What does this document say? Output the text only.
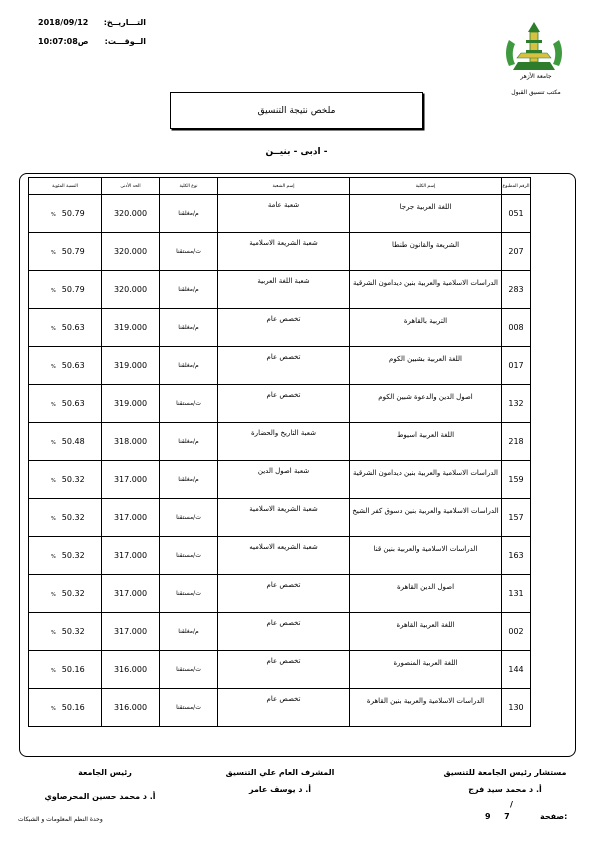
التـــاريــخ:
2018/09/12
الــوقـــت:
ص10:07:08
جامعة الأزهر
مكتب تنسيق القبول
ملخص نتيجة التنسيق
- ادبى - بنيــن
الرقم المطبوع	إسم الكلية	إسم الشعبة	نوع الكلية	الحد الأدنى	النسبة المئوية
051	اللغة العربية جرجا	شعبة عامة	م/مغلقنا	320.000	% 50.79
207	الشريعة والقانون طنطا	شعبة الشريعة الاسلامية	ت/مستقنا	320.000	% 50.79
283	الدراسات الاسلامية والعربية بنين ديدامون الشرقية	شعبة اللغة العربية	م/مغلقنا	320.000	% 50.79
008	التربية بالقاهرة	تخصص عام	م/مغلقنا	319.000	% 50.63
017	اللغة العربية بشبين الكوم	تخصص عام	م/مغلقنا	319.000	% 50.63
132	اصول الدين والدعوة شبين الكوم	تخصص عام	ت/مستقنا	319.000	% 50.63
218	اللغة العربية اسيوط	شعبة التاريخ والحضارة	م/مغلقنا	318.000	% 50.48
159	الدراسات الاسلامية والعربية بنين ديدامون الشرقية	شعبة اصول الدين	م/مغلقنا	317.000	% 50.32
157	الدراسات الاسلامية والعربية بنين دسوق كفر الشيخ	شعبة الشريعة الاسلامية	ت/مستقنا	317.000	% 50.32
163	الدراسات الاسلامية والعربية بنين قنا	شعبة الشريعه الاسلاميه	ت/مستقنا	317.000	% 50.32
131	اصول الدين القاهرة	تخصص عام	ت/مستقنا	317.000	% 50.32
002	اللغة العربية القاهرة	تخصص عام	م/مغلقنا	317.000	% 50.32
144	اللغة العربية المنصورة	تخصص عام	ت/مستقنا	316.000	% 50.16
130	الدراسات الاسلامية والعربية بنين القاهرة	تخصص عام	ت/مستقنا	316.000	% 50.16
مستشار رئيس الجامعة للتنسيق
أ. د محمد سيد فرج
المشرف العام علي التنسيق
أ. د يوسف عامر
رئيس الجامعة
أ. د محمد حسين المحرصاوي
/
صفحة:
9 7
وحدة النظم المعلومات و الشبكات
